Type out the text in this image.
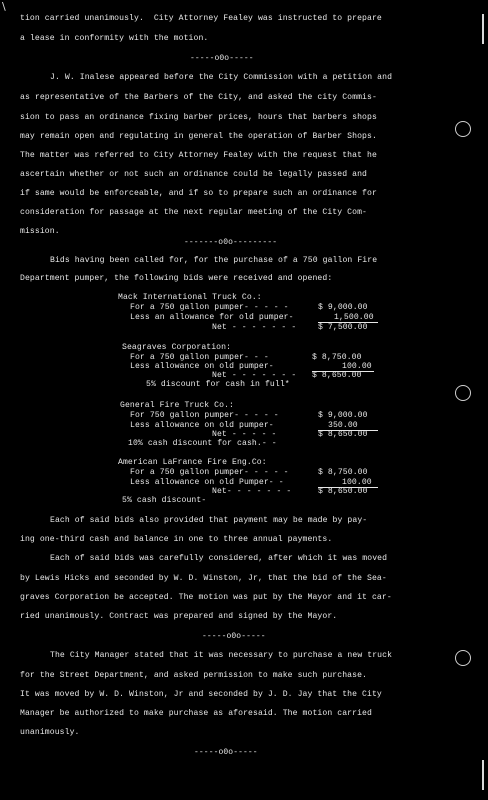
\
tion carried unanimously.  City Attorney Fealey was instructed to prepare
a lease in conformity with the motion.
-----o0o-----
J. W. Inalese appeared before the City Commission with a petition and
as representative of the Barbers of the City, and asked the city Commis-
sion to pass an ordinance fixing barber prices, hours that barbers shops
may remain open and regulating in general the operation of Barber Shops.
The matter was referred to City Attorney Fealey with the request that he
ascertain whether or not such an ordinance could be legally passed and
if same would be enforceable, and if so to prepare such an ordinance for
consideration for passage at the next regular meeting of the City Com-
mission.
-------o0o---------
Bids having been called for, for the purchase of a 750 gallon Fire
Department pumper, the following bids were received and opened:
Mack International Truck Co.:
For a 750 gallon pumper- - - - -	$ 9,000.00
Less an allowance for old pumper-	1,500.00
Net - - - - - - -	$ 7,500.00
Seagraves Corporation:
For a 750 gallon pumper- - -	$ 8,750.00
Less allowance on old pumper-	100.00
Net - - - - - - - $ 8,650.00
5% discount for cash in full*
General Fire Truck Co.:
For 750 gallon pumper- - - - -	$ 9,000.00
Less allowance on old pumper-	350.00
Net - - - - -	$ 8,650.00
10% cash discount for cash.- -
American LaFrance Fire Eng.Co:
For a 750 gallon pumper- - - - -	$ 8,750.00
Less allowance on old Pumper- -	100.00
Net- - - - - - -	$ 8,650.00
5% cash discount-
Each of said bids also provided that payment may be made by pay-
ing one-third cash and balance in one to three annual payments.
Each of said bids was carefully considered, after which it was moved
by Lewis Hicks and seconded by W. D. Winston, Jr, that the bid of the Sea-
graves Corporation be accepted. The motion was put by the Mayor and it car-
ried unanimously. Contract was prepared and signed by the Mayor.
-----o0o-----
The City Manager stated that it was necessary to purchase a new truck
for the Street Department, and asked permission to make such purchase.
It was moved by W. D. Winston, Jr and seconded by J. D. Jay that the City
Manager be authorized to make purchase as aforesaid. The motion carried
unanimously.
-----o0o-----
